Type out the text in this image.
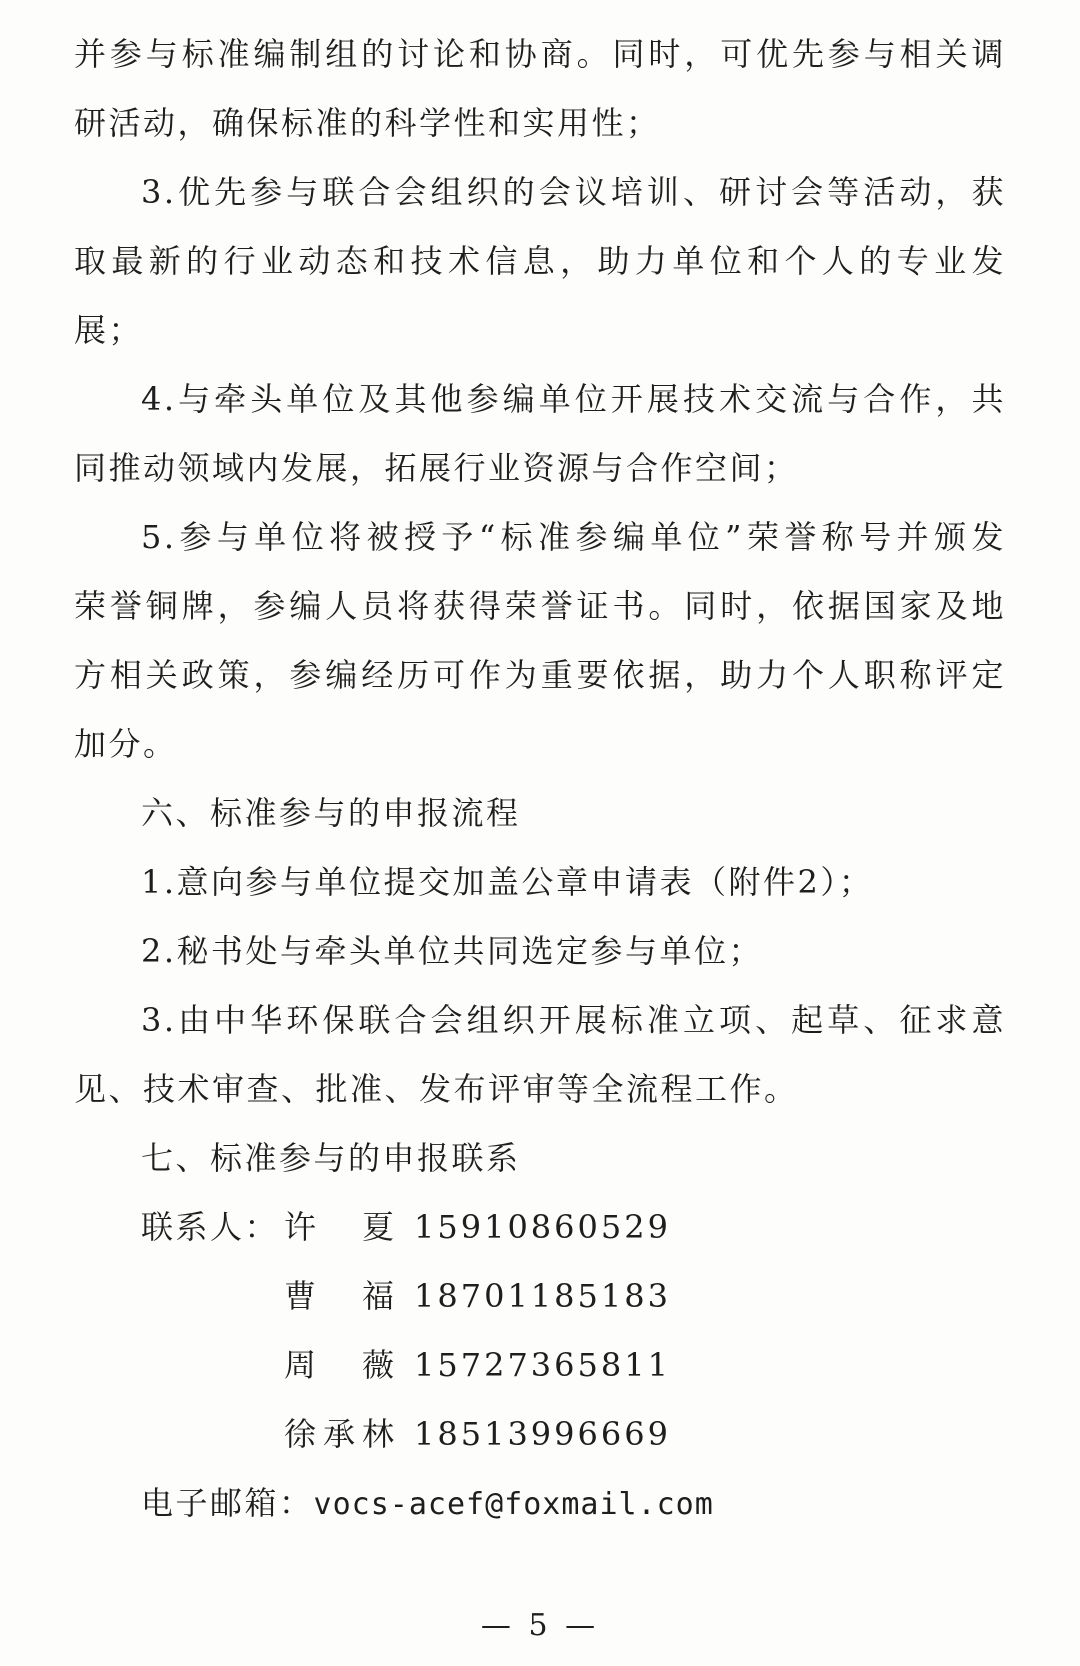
并参与标准编制组的讨论和协商。同时，可优先参与相关调
研活动，确保标准的科学性和实用性；
3.优先参与联合会组织的会议培训、研讨会等活动，获
取最新的行业动态和技术信息，助力单位和个人的专业发
展；
4.与牵头单位及其他参编单位开展技术交流与合作，共
同推动领域内发展，拓展行业资源与合作空间；
5.参与单位将被授予“标准参编单位”荣誉称号并颁发
荣誉铜牌，参编人员将获得荣誉证书。同时，依据国家及地
方相关政策，参编经历可作为重要依据，助力个人职称评定
加分。
六、标准参与的申报流程
1.意向参与单位提交加盖公章申请表（附件2）；
2.秘书处与牵头单位共同选定参与单位；
3.由中华环保联合会组织开展标准立项、起草、征求意
见、技术审查、批准、发布评审等全流程工作。
七、标准参与的申报联系
联系人： 许　夏 15910860529
曹　福 18701185183
周　薇 15727365811
徐承林 18513996669
电子邮箱：vocs-acef@foxmail.com
— 5 —
